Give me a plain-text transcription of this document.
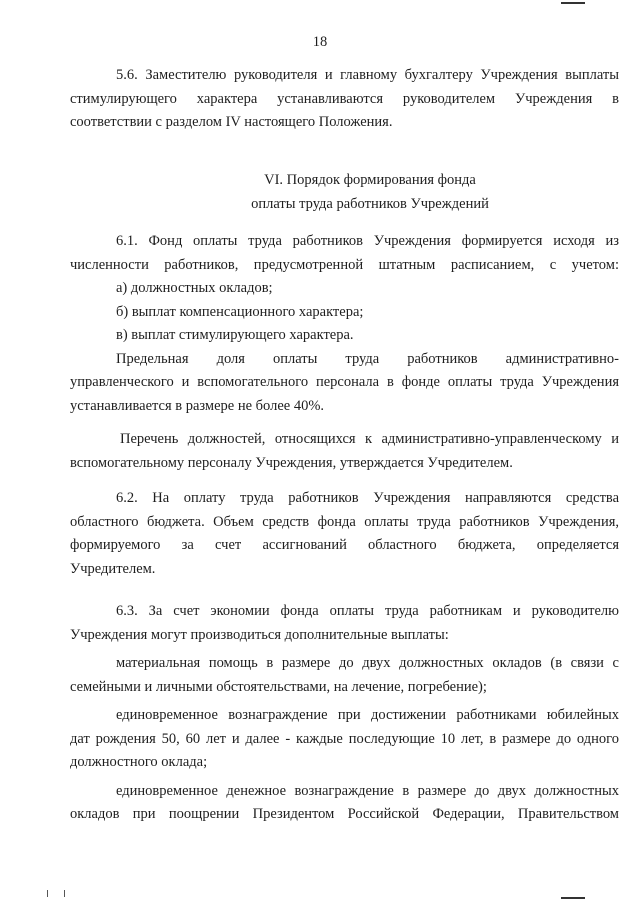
18
5.6. Заместителю руководителя и главному бухгалтеру Учреждения выплаты
стимулирующего характера устанавливаются руководителем Учреждения в
соответствии с разделом IV настоящего Положения.
VI. Порядок формирования фонда
оплаты труда работников Учреждений
6.1. Фонд оплаты труда работников Учреждения формируется исходя из
численности работников, предусмотренной штатным расписанием, с учетом:
а) должностных окладов;
б) выплат компенсационного характера;
в) выплат стимулирующего характера.
Предельная доля оплаты труда работников административно-
управленческого и вспомогательного персонала в фонде оплаты труда Учреждения
устанавливается в размере не более 40%.
Перечень должностей, относящихся к административно-управленческому и
вспомогательному персоналу Учреждения, утверждается Учредителем.
6.2. На оплату труда работников Учреждения направляются средства
областного бюджета. Объем средств фонда оплаты труда работников Учреждения,
формируемого за счет ассигнований областного бюджета, определяется
Учредителем.
6.3. За счет экономии фонда оплаты труда работникам и руководителю
Учреждения могут производиться дополнительные выплаты:
материальная помощь в размере до двух должностных окладов (в связи с
семейными и личными обстоятельствами, на лечение, погребение);
единовременное вознаграждение при достижении работниками юбилейных
дат рождения 50, 60 лет и далее - каждые последующие 10 лет, в размере до одного
должностного оклада;
единовременное денежное вознаграждение в размере до двух должностных
окладов при поощрении Президентом Российской Федерации, Правительством
